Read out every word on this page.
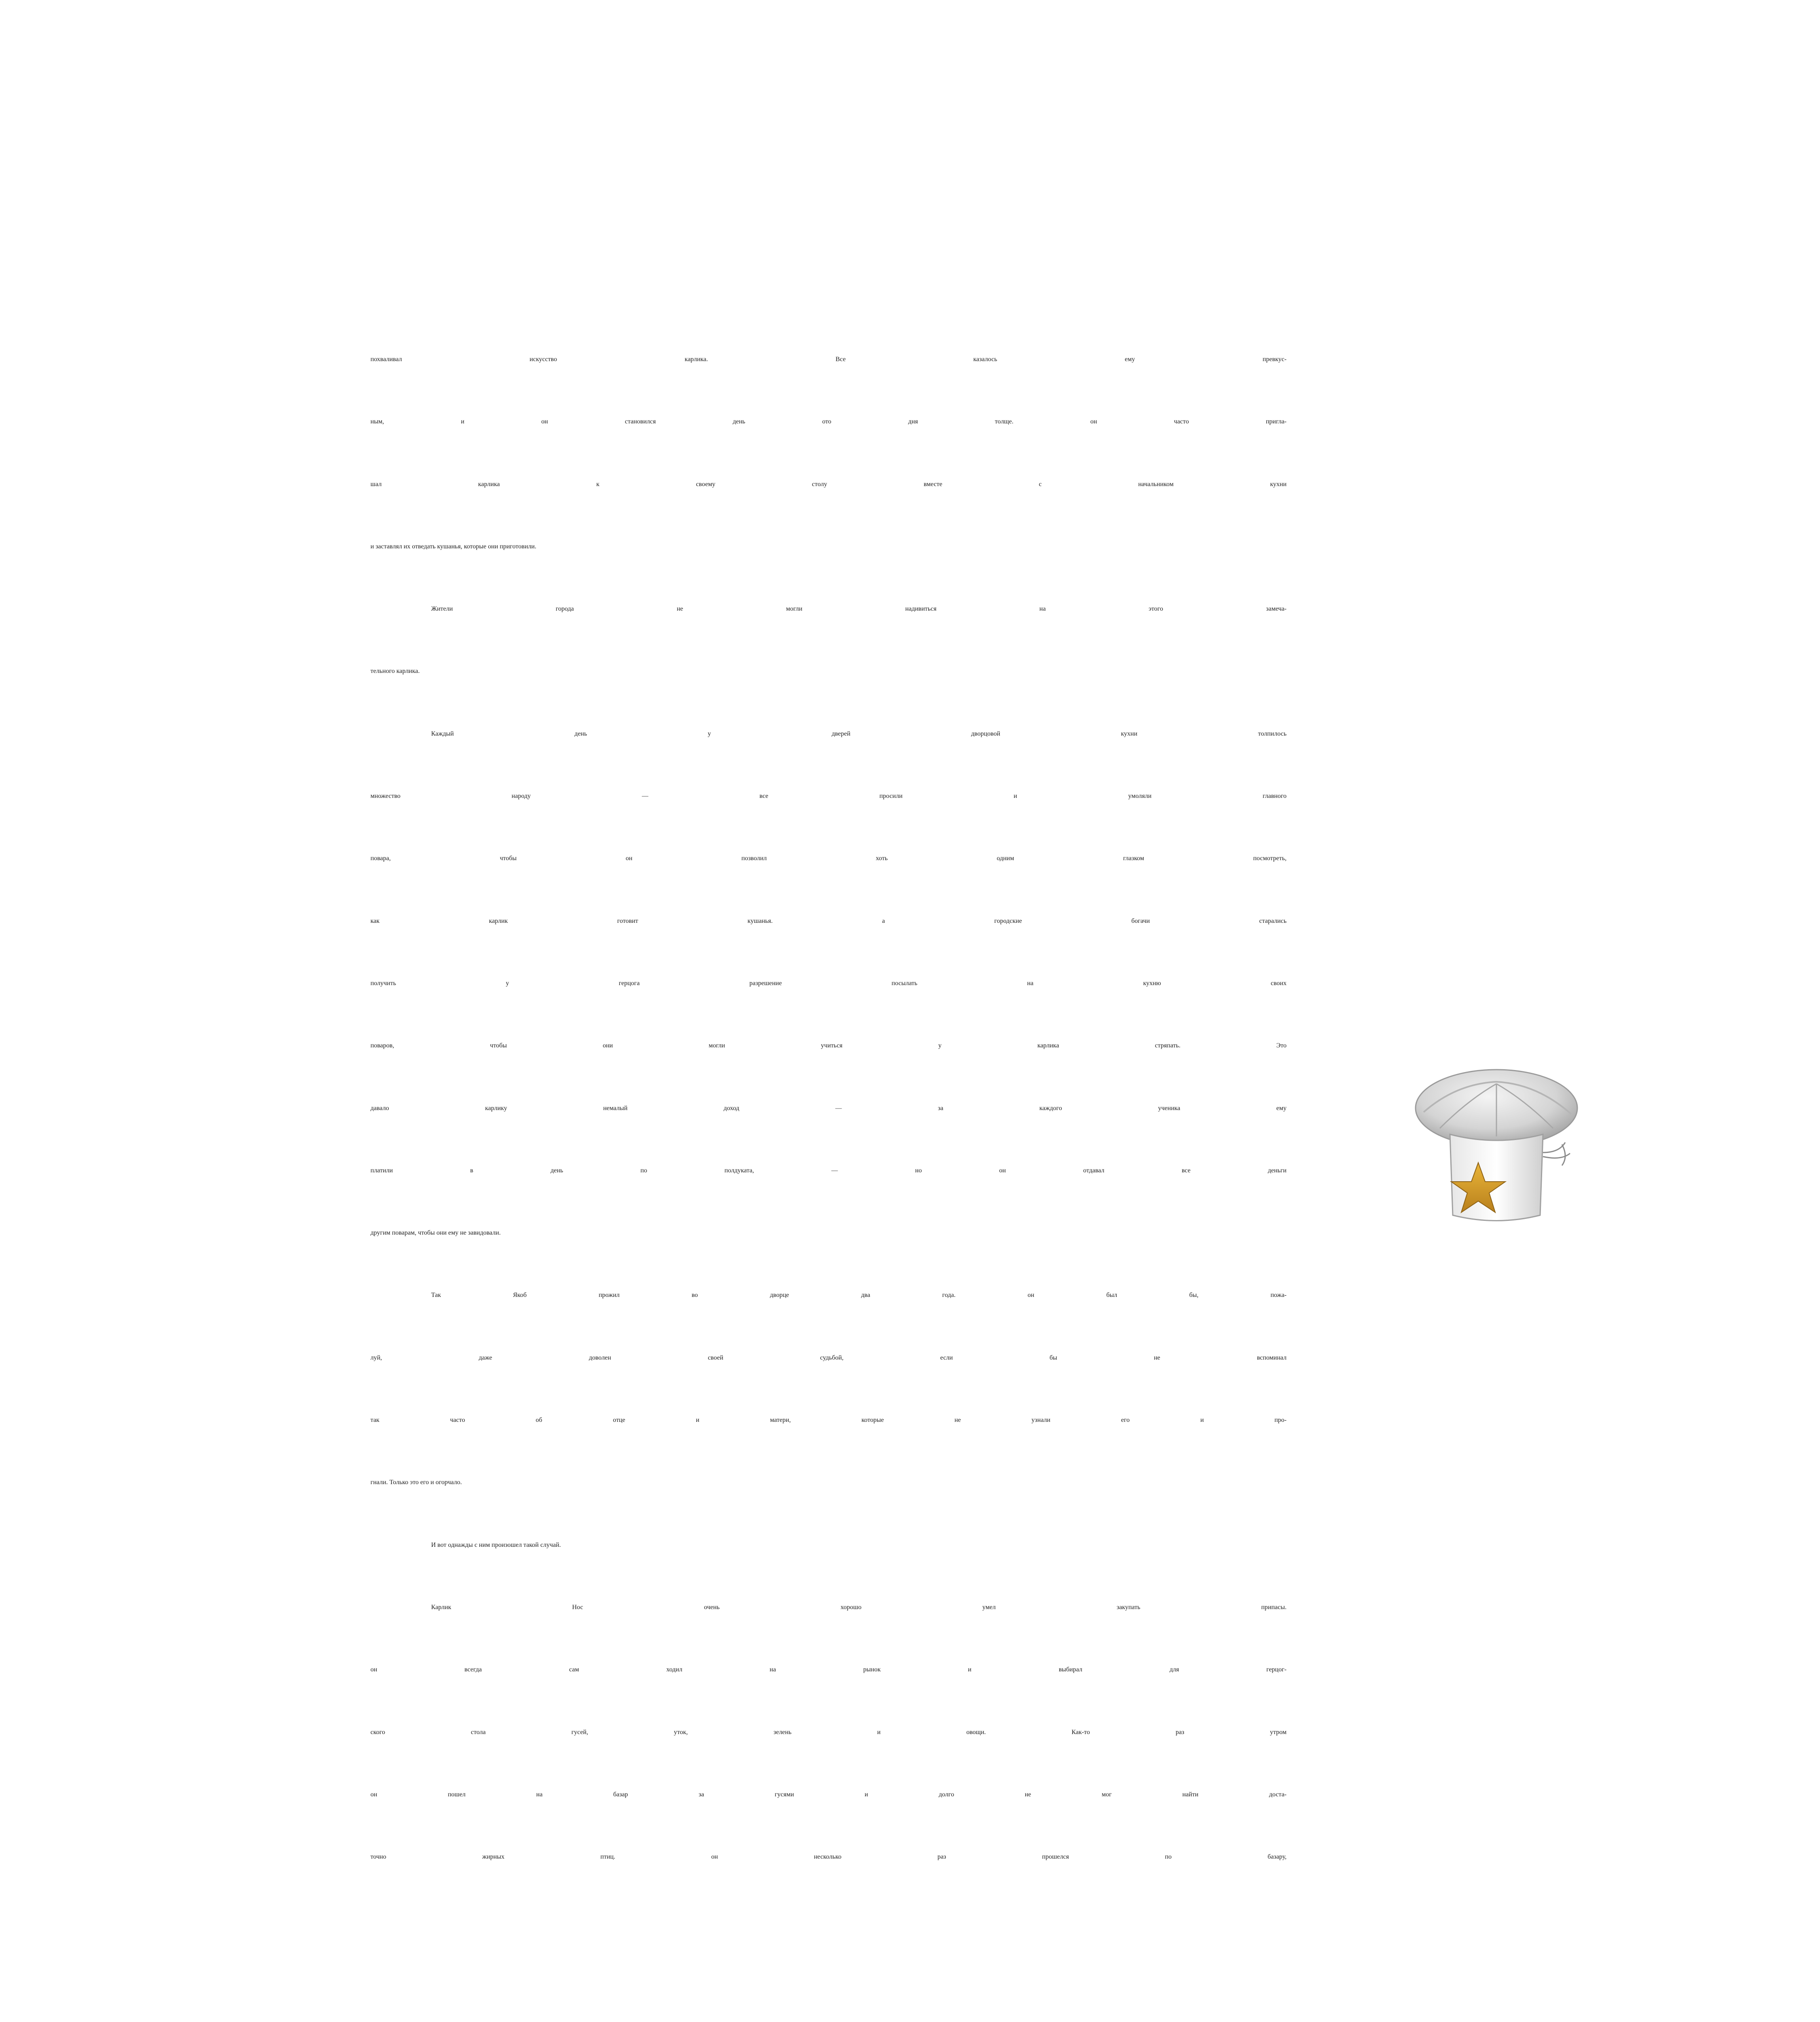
похваливал искусство карлика. Все казалось ему превкус-
ным, и он становился день ото дня толще. он часто пригла-
шал карлика к своему столу вместе с начальником кухни
и заставлял их отведать кушанья, которые они приготовили.
Жители города не могли надивиться на этого замеча-
тельного карлика.
Каждый день у дверей дворцовой кухни толпилось
множество народу — все просили и умоляли главного
повара, чтобы он позволил хоть одним глазком посмотреть,
как карлик готовит кушанья. а городские богачи старались
получить у герцога разрешение посылать на кухню своих
поваров, чтобы они могли учиться у карлика стряпать. Это
давало карлику немалый доход — за каждого ученика ему
платили в день по полдуката, — но он отдавал все деньги
другим поварам, чтобы они ему не завидовали.
Так Якоб прожил во дворце два года. он был бы, пожа-
луй, даже доволен своей судьбой, если бы не вспоминал
так часто об отце и матери, которые не узнали его и про-
гнали. Только это его и огорчало.
И вот однажды с ним произошел такой случай.
Карлик Нос очень хорошо умел закупать припасы.
он всегда сам ходил на рынок и выбирал для герцог-
ского стола гусей, уток, зелень и овощи. Как-то раз утром
он пошел на базар за гусями и долго не мог найти доста-
точно жирных птиц. он несколько раз прошелся по базару,
